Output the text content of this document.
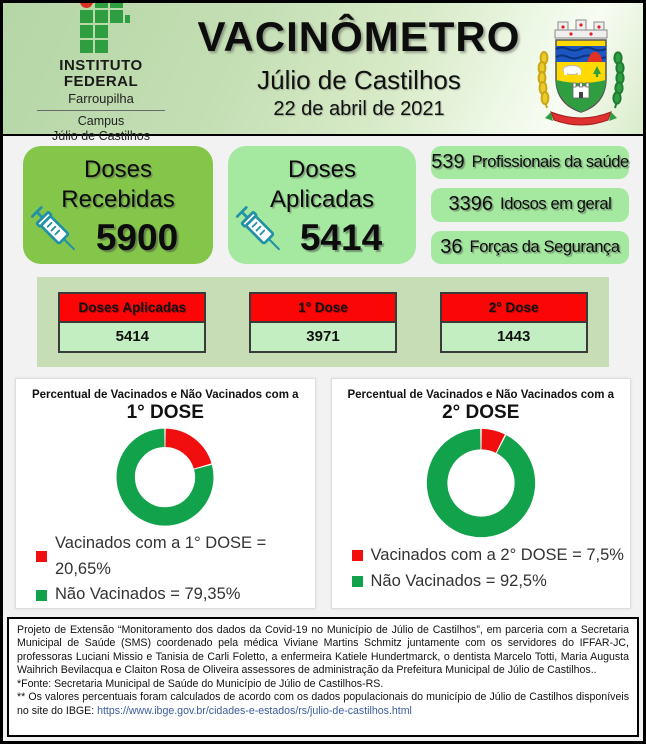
INSTITUTO
FEDERAL
Farroupilha
Campus
Júlio de Castilhos
VACINÔMETRO
Júlio de Castilhos
22 de abril de 2021
Doses
Recebidas
5900
Doses
Aplicadas
5414
539 Profissionais da saúde
3396 Idosos em geral
36 Forças da Segurança
Doses Aplicadas
5414
1° Dose
3971
2° Dose
1443
Percentual de Vacinados e Não Vacinados com a
1° DOSE
Vacinados com a 1° DOSE = 20,65%
Não Vacinados = 79,35%
Percentual de Vacinados e Não Vacinados com a
2° DOSE
Vacinados com a 2° DOSE = 7,5%
Não Vacinados = 92,5%

Projeto de Extensão “Monitoramento dos dados da Covid-19 no Município de Júlio de Castilhos”, em parceria com a Secretaria Municipal de Saúde (SMS) coordenado pela médica Viviane Martins Schmitz juntamente com os servidores do IFFAR-JC, professoras Luciani Missio e Tanisia de Carli Foletto, a enfermeira Katiele Hundertmarck, o dentista Marcelo Totti, Maria Augusta Waihrich Bevilacqua e Claiton Rosa de Oliveira assessores de administração da Prefeitura Municipal de Júlio de Castilhos..

*Fonte: Secretaria Municipal de Saúde do Município de Júlio de Castilhos-RS.

** Os valores percentuais foram calculados de acordo com os dados populacionais do município de Júlio de Castilhos disponíveis no site do IBGE: https://www.ibge.gov.br/cidades-e-estados/rs/julio-de-castilhos.html
